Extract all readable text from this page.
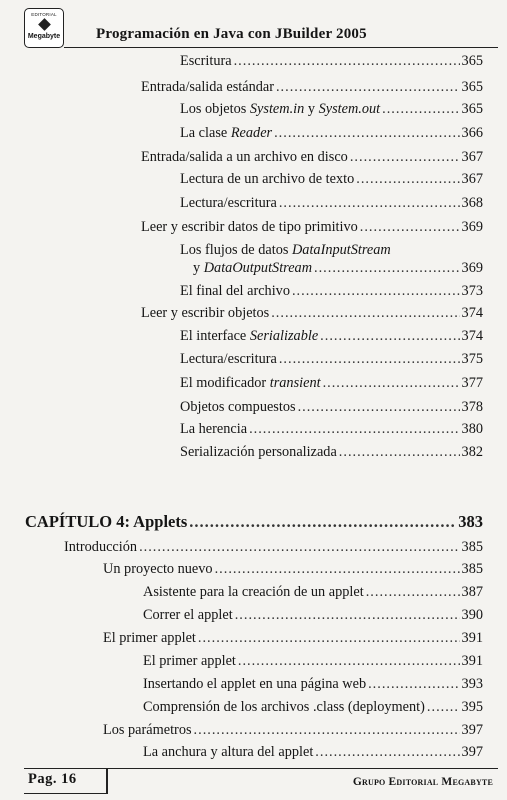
EDITORIAL
Megabyte Programación en Java con JBuilder 2005
Escritura .....	365
Entrada/salida estándar .....	365
Los objetos System.in y System.out .....	365
La clase Reader .....	366
Entrada/salida a un archivo en disco .....	367
Lectura de un archivo de texto .....	367
Lectura/escritura .....	368
Leer y escribir datos de tipo primitivo .....	369
Los flujos de datos DataInputStream
y DataOutputStream .....	369
El final del archivo .....	373
Leer y escribir objetos .....	374
El interface Serializable .....	374
Lectura/escritura .....	375
El modificador transient .....	377
Objetos compuestos .....	378
La herencia .....	380
Serialización personalizada .....	382
CAPÍTULO 4: Applets .....	383
Introducción .....	385
Un proyecto nuevo .....	385
Asistente para la creación de un applet .....	387
Correr el applet .....	390
El primer applet .....	391
El primer applet .....	391
Insertando el applet en una página web .....	393
Comprensión de los archivos .class (deployment) .....	395
Los parámetros .....	397
La anchura y altura del applet .....	397
Pag. 16	Grupo Editorial Megabyte
